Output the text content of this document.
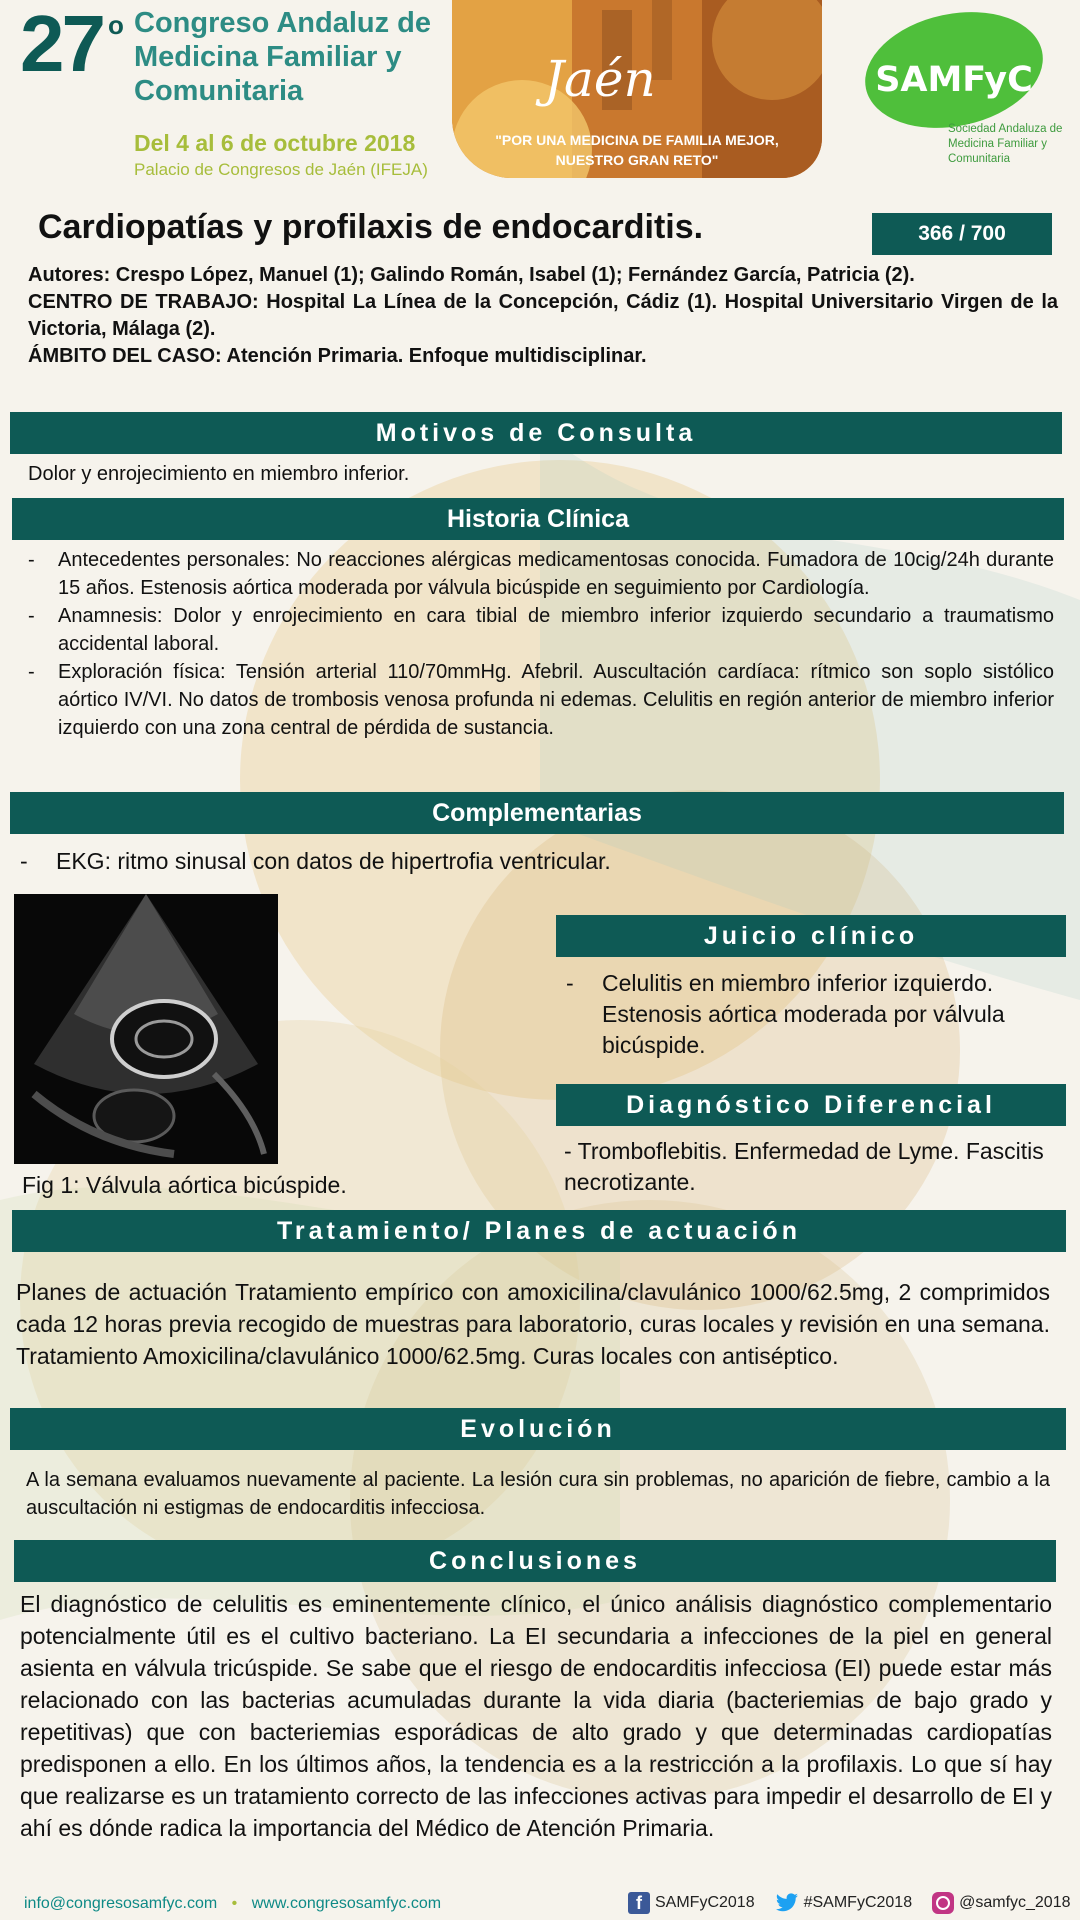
27 o Congreso Andaluz de Medicina Familiar y Comunitaria
Del 4 al 6 de octubre 2018
Palacio de Congresos de Jaén (IFEJA)
Jaén
"POR UNA MEDICINA DE FAMILIA MEJOR, NUESTRO GRAN RETO"
SAMFyC
Sociedad Andaluza de Medicina Familiar y Comunitaria
Cardiopatías y profilaxis de endocarditis.	366 / 700

Autores: Crespo López, Manuel (1); Galindo Román, Isabel (1); Fernández García, Patricia (2).

CENTRO DE TRABAJO: Hospital La Línea de la Concepción, Cádiz (1). Hospital Universitario Virgen de la Victoria, Málaga (2).

ÁMBITO DEL CASO: Atención Primaria. Enfoque multidisciplinar.

Motivos de Consulta
Dolor y enrojecimiento en miembro inferior.
Historia Clínica
- Antecedentes personales: No reacciones alérgicas medicamentosas conocida. Fumadora de 10cig/24h durante 15 años. Estenosis aórtica moderada por válvula bicúspide en seguimiento por Cardiología.
- Anamnesis: Dolor y enrojecimiento en cara tibial de miembro inferior izquierdo secundario a traumatismo accidental laboral.
- Exploración física: Tensión arterial 110/70mmHg. Afebril. Auscultación cardíaca: rítmico son soplo sistólico aórtico IV/VI. No datos de trombosis venosa profunda ni edemas. Celulitis en región anterior de miembro inferior izquierdo con una zona central de pérdida de sustancia.
Complementarias
- EKG: ritmo sinusal con datos de hipertrofia ventricular.
Fig 1: Válvula aórtica bicúspide.
Juicio clínico
- Celulitis en miembro inferior izquierdo. Estenosis aórtica moderada por válvula bicúspide.
Diagnóstico Diferencial
- Tromboflebitis. Enfermedad de Lyme. Fascitis necrotizante.
Tratamiento/ Planes de actuación
Planes de actuación Tratamiento empírico con amoxicilina/clavulánico 1000/62.5mg, 2 comprimidos cada 12 horas previa recogido de muestras para laboratorio, curas locales y revisión en una semana. Tratamiento Amoxicilina/clavulánico 1000/62.5mg. Curas locales con antiséptico.
Evolución
A la semana evaluamos nuevamente al paciente. La lesión cura sin problemas, no aparición de fiebre, cambio a la auscultación ni estigmas de endocarditis infecciosa.
Conclusiones
El diagnóstico de celulitis es eminentemente clínico, el único análisis diagnóstico complementario potencialmente útil es el cultivo bacteriano. La EI secundaria a infecciones de la piel en general asienta en válvula tricúspide. Se sabe que el riesgo de endocarditis infecciosa (EI) puede estar más relacionado con las bacterias acumuladas durante la vida diaria (bacteriemias de bajo grado y repetitivas) que con bacteriemias esporádicas de alto grado y que determinadas cardiopatías predisponen a ello. En los últimos años, la tendencia es a la restricción a la profilaxis. Lo que sí hay que realizarse es un tratamiento correcto de las infecciones activas para impedir el desarrollo de EI y ahí es dónde radica la importancia del Médico de Atención Primaria.
info@congresosamfyc.com • www.congresosamfyc.com	f SAMFyC2018	#SAMFyC2018	@samfyc_2018
